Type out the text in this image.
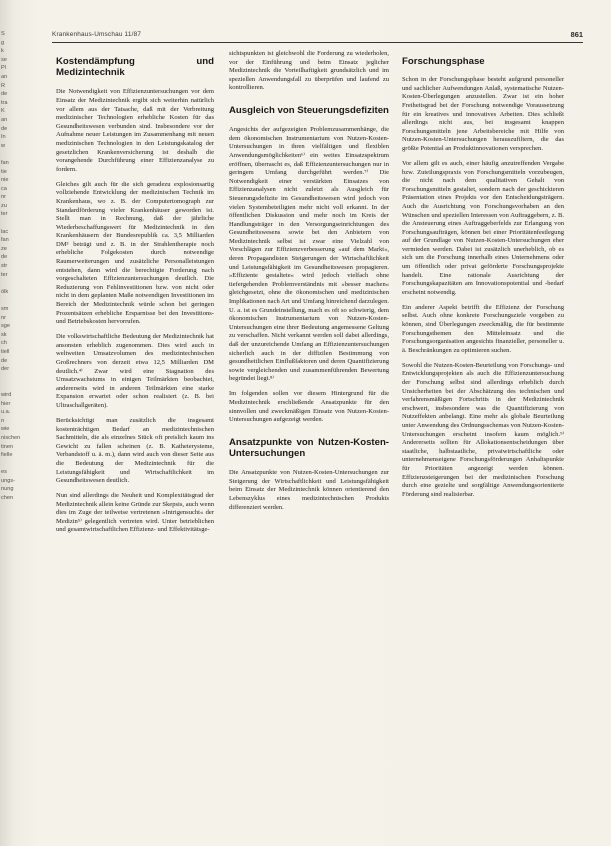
S
g
k
se
Pl
an
R
de
tra
K
an
de
In
w

fan
tie
nie
ca
nr
zu
ter

lac
fan
ze
de
str
ter

ölk

sm
nr
sge
sk
ch
tiell
de
der

wird
hier
u.a.
n
wie
nischen
tinen
fielle

es
ungs-
nung
chen
Krankenhaus-Umschau 11/87	861
Kostendämpfung und Medizintechnik

Die Notwendigkeit von Effizienzuntersuchungen vor dem Einsatz der Medizintechnik ergibt sich weiterhin natürlich vor allem aus der Tatsache, daß mit der Verbreitung medizinischer Technologien erhebliche Kosten für das Gesundheitswesen verbunden sind. Insbesondere vor der Aufnahme neuer Leistungen im Zusammenhang mit neuen medizinischen Technologien in den Leistungskatalog der gesetzlichen Krankenversicherung ist deshalb die vorangehende Durchführung einer Effizienzanalyse zu fordern.

Gleiches gilt auch für die sich geradezu explosionsartig vollziehende Entwicklung der medizinischen Technik im Krankenhaus, wo z. B. der Computertomograph zur Standardförderung vieler Krankenhäuser geworden ist. Stellt man in Rechnung, daß der jährliche Wiederbeschaffungswert für Medizintechnik in den Krankenhäusern der Bundesrepublik ca. 3,5 Milliarden DM³ beträgt und z. B. in der Strahlentherapie noch erhebliche Folgekosten durch notwendige Raumerweiterungen und zusätzliche Personalleistungen entstehen, dann wird die berechtigte Forderung nach vorgeschalteten Effizienzuntersuchungen deutlich. Die Reduzierung von Fehlinvestitionen bzw. von nicht oder nicht in dem geplanten Maße notwendigen Investitionen im Bereich der Medizintechnik würde schon bei geringen Prozentsätzen erhebliche Ersparnisse bei den Investitions- und Betriebskosten hervorrufen.

Die volkswirtschaftliche Bedeutung der Medizintechnik hat ansonsten erheblich zugenommen. Dies wird auch in weltweiten Umsatzvolumen des medizintechnischen Großrechners von derzeit etwa 12,5 Milliarden DM deutlich.⁴⁾ Zwar wird eine Stagnation des Umsatzwachstums in einigen Teilmärkten beobachtet, andererseits wird in anderen Teilmärkten eine starke Expansion erwartet oder schon realisiert (z. B. bei Ultraschallgeräten).

Berücksichtigt man zusätzlich die insgesamt kostenträchtigen Bedarf an medizintechnischen Sachmitteln, die als einzelnes Stück oft preislich kaum ins Gewicht zu fallen scheinen (z. B. Katheterysteme, Verbandstoff u. ä. m.), dann wird auch von dieser Seite aus die Bedeutung der Medizintechnik für die Leistungsfähigkeit und Wirtschaftlichkeit im Gesundheitswesen deutlich.

Nun sind allerdings die Neuheit und Komplexitätsgrad der Medizintechnik allein keine Gründe zur Skepsis, auch wenn dies im Zuge der teilweise vertretenen »Intrigensucht« der Medizin⁵⁾ gelegentlich vertreten wird. Unter betrieblichen und gesamtwirtschaftlichen Effizienz- und Effektivitätsge-

sichtspunkten ist gleichwohl die Forderung zu wiederholen, vor der Einführung und beim Einsatz jeglicher Medizintechnik die Vorteilhaftigkeit grundsätzlich und im speziellen Anwendungsfall zu überprüfen und laufend zu kontrollieren.

Ausgleich von Steuerungsdefiziten

Angesichts der aufgezeigten Problemzusammenhänge, die dem ökonomischen Instrumentarium von Nutzen-Kosten-Untersuchungen in ihren vielfältigen und flexiblen Anwendungsmöglichkeiten⁶⁾ ein weites Einsatzspektrum eröffnen, überrascht es, daß Effizienzuntersuchungen nur in geringem Umfang durchgeführt werden.⁷⁾ Die Notwendigkeit einer verstärkten Einsatzes von Effizienzanalysen nicht zuletzt als Ausgleich für Steuerungsdefizite im Gesundheitswesen wird jedoch von vielen Systembeteiligten mehr nicht voll erkannt. In der öffentlichen Diskussion und mehr noch im Kreis der Handlungsträger in den Versorgungseinrichtungen des Gesundheitswesens sowie bei den Anbietern von Medizintechnik selbst ist zwar eine Vielzahl von Vorschlägen zur Effizienzverbesserung »auf dem Markt«, deren Propagandisten Steigerungen der Wirtschaftlichkeit und Leistungsfähigkeit im Gesundheitswesen propagieren. »Effiziente gestaltete« wird jedoch vielfach ohne tiefergehenden Problemverständnis mit »besser machen« gleichgesetzt, ohne die ökonomischen und medizinischen Implikationen nach Art und Umfang hinreichend darzulegen. U. a. ist es Grundeinstellung, mach es oft so schwierig, dem ökonomischen Instrumentarium von Nutzen-Kosten-Untersuchungen eine ihrer Bedeutung angemessene Geltung zu verschaffen. Nicht verkannt werden soll dabei allerdings, daß der unzureichende Umfang an Effizienzuntersuchungen sicherlich auch in der diffizilen Bestimmung von gesundheitlichen Einflußfaktoren und deren Quantifizierung sowie vergleichenden und zusammenführenden Bewertung begründet liegt.⁸⁾

Im folgenden sollen vor diesem Hintergrund für die Medizintechnik erschließende Ansatzpunkte für den sinnvollen und zweckmäßigen Einsatz von Nutzen-Kosten-Untersuchungen aufgezeigt werden.

Ansatzpunkte von Nutzen-Kosten-Untersuchungen

Die Ansatzpunkte von Nutzen-Kosten-Untersuchungen zur Steigerung der Wirtschaftlichkeit und Leistungsfähigkeit beim Einsatz der Medizintechnik können orientierend den Lebenszyklus eines medizintechnischen Produkts differenziert werden.

Forschungsphase

Schon in der Forschungsphase besteht aufgrund personeller und sachlicher Aufwendungen Anlaß, systematische Nutzen-Kosten-Überlegungen anzustellen. Zwar ist ein hoher Freiheitsgrad bei der Forschung notwendige Voraussetzung für ein kreatives und innovatives Arbeiten. Dies schließt allerdings nicht aus, bei insgesamt knappen Forschungsmitteln jene Arbeitsbereiche mit Hilfe von Nutzen-Kosten-Untersuchungen herauszufiltern, die das größte Potential an Produktinnovationen versprechen.

Vor allem gilt es auch, einer häufig anzutreffenden Vergabe bzw. Zuteilungspraxis von Forschungsmitteln vorzubeugen, die nicht nach dem qualitativen Gehalt von Forschungsmitteln gestaltet, sondern nach der geschickteren Präsentation eines Projekts vor den Entscheidungsträgern. Auch die Ausrichtung von Forschungsvorhaben an den Wünschen und speziellen Interessen von Auftraggebern, z. B. die Ansteuerung eines Auftraggeberfelds zur Erlangung von Forschungsaufträgen, können bei einer Prioritätenfestlegung auf der Grundlage von Nutzen-Kosten-Untersuchungen eher vermieden werden. Dabei ist zusätzlich unerheblich, ob es sich um die Forschung innerhalb eines Unternehmens oder um öffentlich oder privat geförderte Forschungsprojekte handelt. Eine rationale Ausrichtung der Forschungskapazitäten am Innovationspotential und -bedarf erscheint notwendig.

Ein anderer Aspekt betrifft die Effizienz der Forschung selbst. Auch ohne konkrete Forschungsziele vorgeben zu können, sind Überlegungen zweckmäßig, die für bestimmte Forschungsthemen den Mitteleinsatz und die Forschungsorganisation angesichts finanzieller, personeller u. ä. Beschränkungen zu optimieren suchen.

Sowohl die Nutzen-Kosten-Beurteilung von Forschungs- und Entwicklungsprojekten als auch die Effizienzuntersuchung der Forschung selbst sind allerdings erheblich durch Unsicherheiten bei der Abschätzung des technischen und verfahrensmäßigen Fortschritts in der Medizintechnik erschwert, insbesondere was die Quantifizierung von Nutzeffekten anbelangt. Eine mehr als globale Beurteilung unter Anwendung des Ordnungsschemas von Nutzen-Kosten-Untersuchungen erscheint insofern kaum möglich.⁹⁾ Andererseits sollten für Allokationsentscheidungen über staatliche, halbstaatliche, privatwirtschaftliche oder unternehmenseigene Forschungsförderungen Anhaltspunkte für Prioritäten angezeigt werden können. Effizienzsteigerungen bei der medizinischen Forschung durch eine gezielte und sorgfältige Anwendungsorientierte Förderung sind realisierbar.
